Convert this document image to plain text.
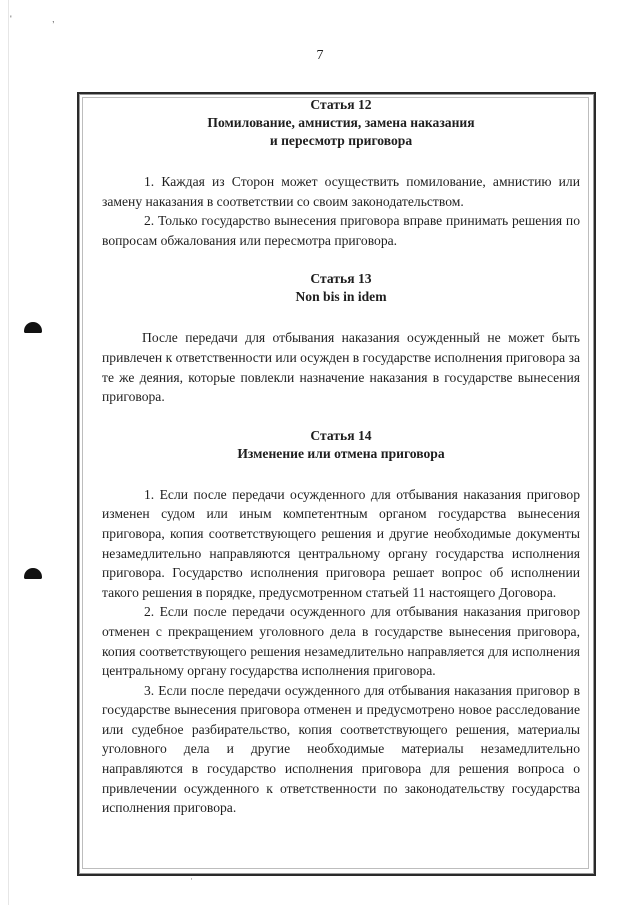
'	,
7
Статья 12
Помилование, амнистия, замена наказания
и пересмотр приговора

1. Каждая из Сторон может осуществить помилование, амнистию или замену наказания в соответствии со своим законодательством.

2. Только государство вынесения приговора вправе принимать решения по вопросам обжалования или пересмотра приговора.

Статья 13
Non bis in idem

После передачи для отбывания наказания осужденный не может быть привлечен к ответственности или осужден в государстве исполнения приговора за те же деяния, которые повлекли назначение наказания в государстве вынесения приговора.

Статья 14
Изменение или отмена приговора

1. Если после передачи осужденного для отбывания наказания приговор изменен судом или иным компетентным органом государства вынесения приговора, копия соответствующего решения и другие необходимые документы незамедлительно направляются центральному органу государства исполнения приговора. Государство исполнения приговора решает вопрос об исполнении такого решения в порядке, предусмотренном статьей 11 настоящего Договора.

2. Если после передачи осужденного для отбывания наказания приговор отменен с прекращением уголовного дела в государстве вынесения приговора, копия соответствующего решения незамедлительно направляется для исполнения центральному органу государства исполнения приговора.

3. Если после передачи осужденного для отбывания наказания приговор в государстве вынесения приговора отменен и предусмотрено новое расследование или судебное разбирательство, копия соответствующего решения, материалы уголовного дела и другие необходимые материалы незамедлительно направляются в государство исполнения приговора для решения вопроса о привлечении осужденного к ответственности по законодательству государства исполнения приговора.

·
